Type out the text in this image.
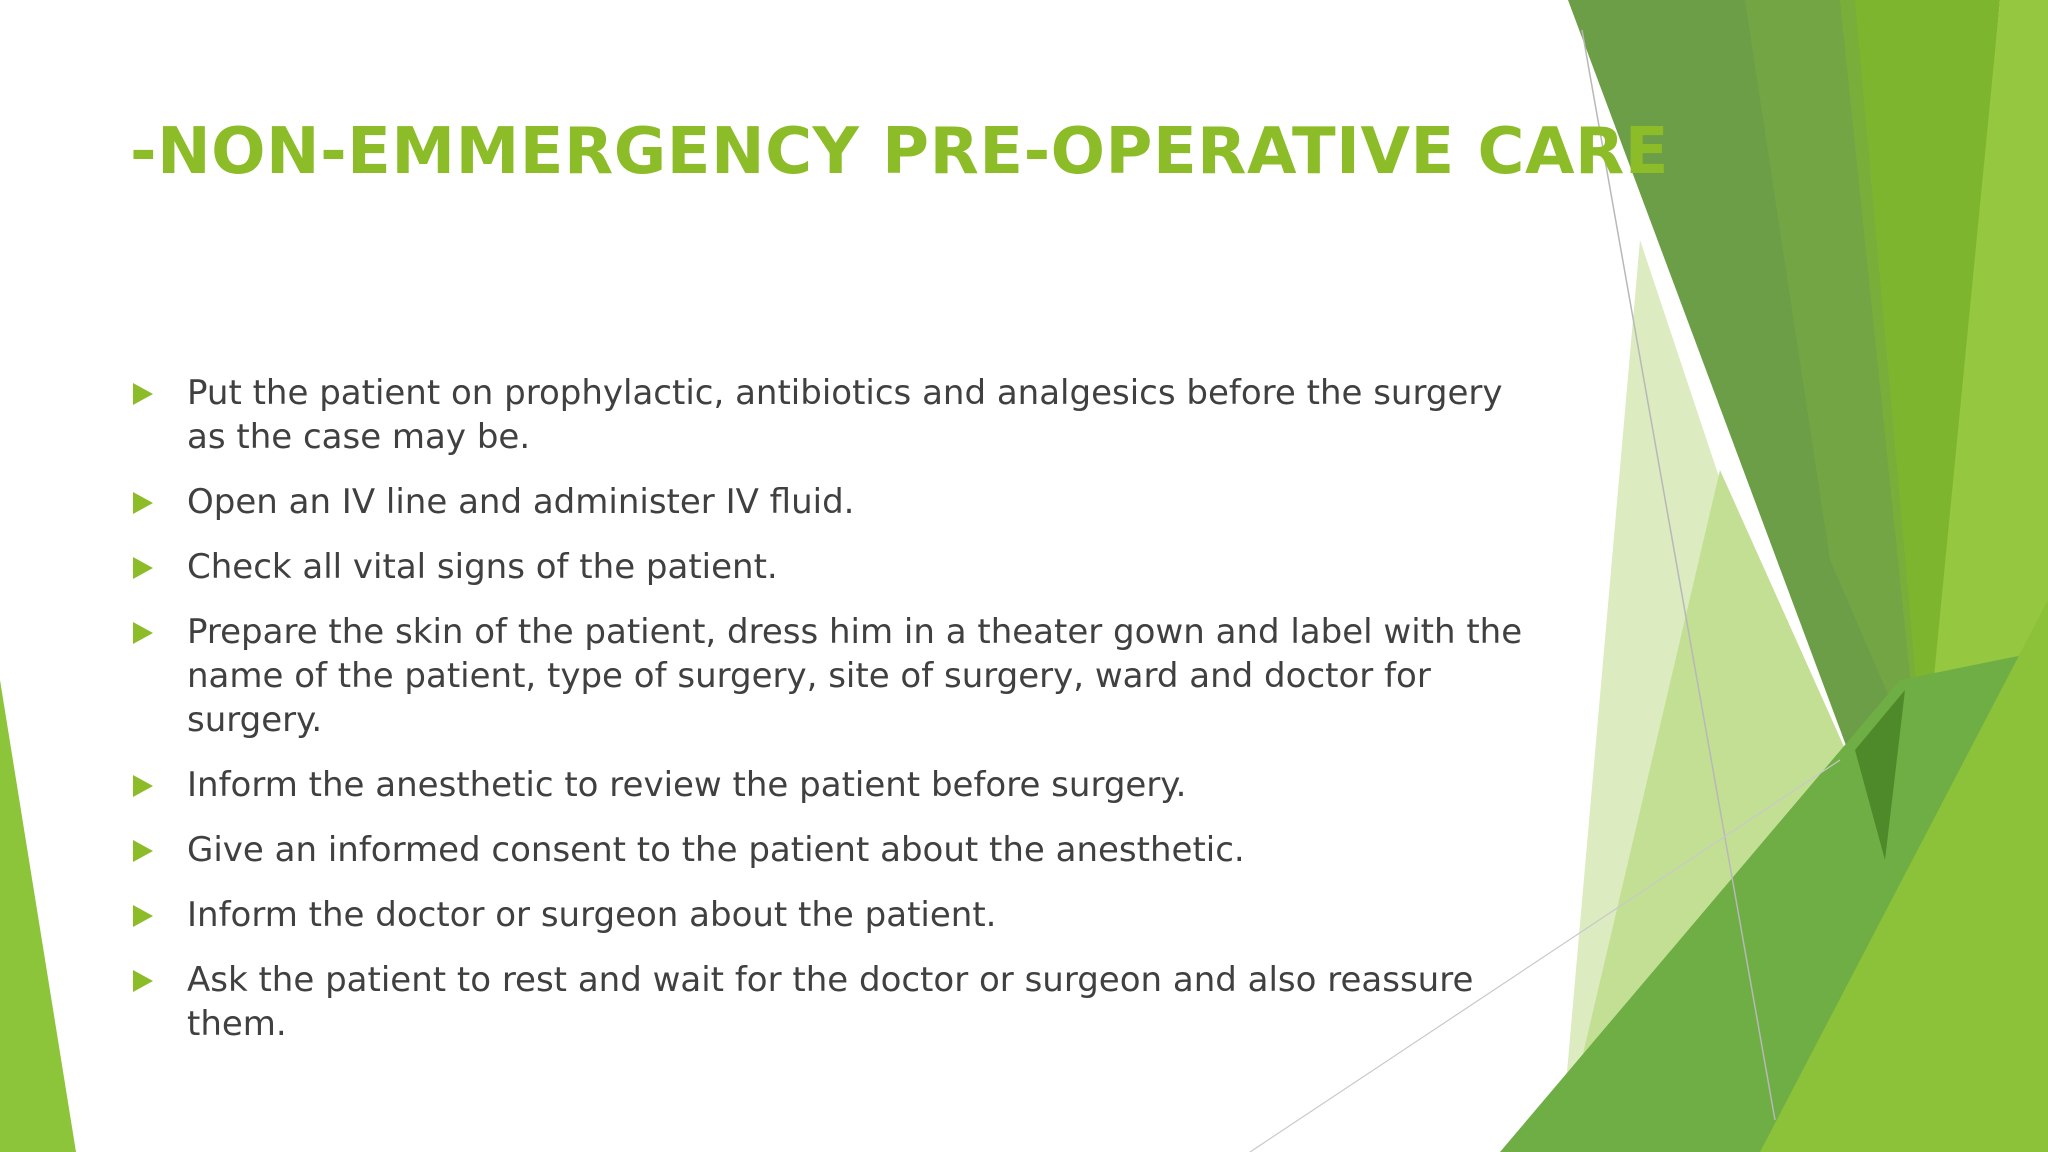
-NON-EMMERGENCY PRE-OPERATIVE CARE
Put the patient on prophylactic, antibiotics and analgesics before the surgery as the case may be.
Open an IV line and administer IV fluid.
Check all vital signs of the patient.
Prepare the skin of the patient, dress him in a theater gown and label with the name of the patient, type of surgery, site of surgery, ward and doctor for surgery.
Inform the anesthetic to review the patient before surgery.
Give an informed consent to the patient about the anesthetic.
Inform the doctor or surgeon about the patient.
Ask the patient to rest and wait for the doctor or surgeon and also reassure them.
